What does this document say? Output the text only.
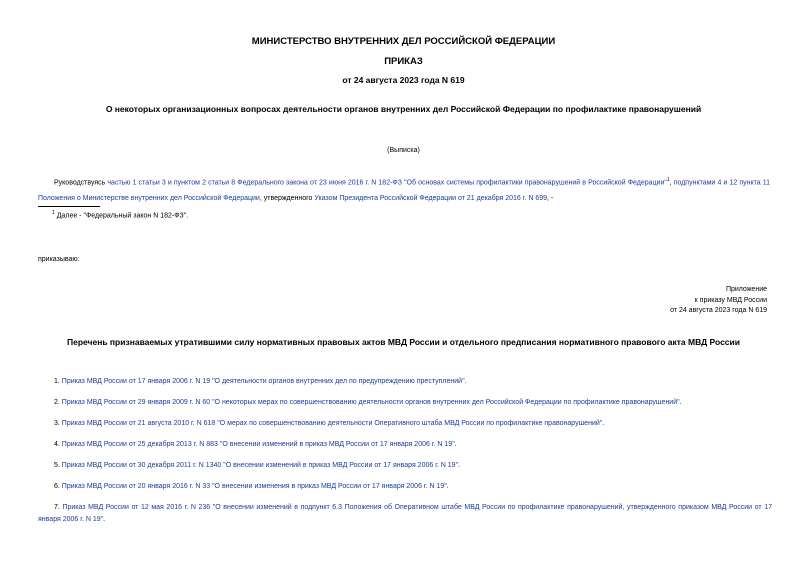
МИНИСТЕРСТВО ВНУТРЕННИХ ДЕЛ РОССИЙСКОЙ ФЕДЕРАЦИИ
ПРИКАЗ
от 24 августа 2023 года N 619
О некоторых организационных вопросах деятельности органов внутренних дел Российской Федерации по профилактике правонарушений
(Выписка)
Руководствуясь частью 1 статьи 3 и пунктом 2 статьи 8 Федерального закона от 23 июня 2016 г. N 182-ФЗ "Об основах системы профилактики правонарушений в Российской Федерации"$^1$, подпунктами 4 и 12 пункта 11 Положения о Министерстве внутренних дел Российской Федерации, утвержденного Указом Президента Российской Федерации от 21 декабря 2016 г. N 699, -
$^1$ Далее - "Федеральный закон N 182-ФЗ".
приказываю:
Приложение
к приказу МВД России
от 24 августа 2023 года N 619
Перечень признаваемых утратившими силу нормативных правовых актов МВД России и отдельного предписания нормативного правового акта МВД России
1. Приказ МВД России от 17 января 2006 г. N 19 "О деятельности органов внутренних дел по предупреждению преступлений".
2. Приказ МВД России от 29 января 2009 г. N 60 "О некоторых мерах по совершенствованию деятельности органов внутренних дел Российской Федерации по профилактике правонарушений".
3. Приказ МВД России от 21 августа 2010 г. N 618 "О мерах по совершенствованию деятельности Оперативного штаба МВД России по профилактике правонарушений".
4. Приказ МВД России от 25 декабря 2013 г. N 883 "О внесении изменений в приказ МВД России от 17 января 2006 г. N 19".
5. Приказ МВД России от 30 декабря 2011 г. N 1340 "О внесении изменений в приказ МВД России от 17 января 2006 г. N 19".
6. Приказ МВД России от 20 января 2016 г. N 33 "О внесении изменения в приказ МВД России от 17 января 2006 г. N 19".
7. Приказ МВД России от 12 мая 2016 г. N 236 "О внесении изменений в подпункт 6.3 Положения об Оперативном штабе МВД России по профилактике правонарушений, утвержденного приказом МВД России от 17 января 2006 г. N 19".
